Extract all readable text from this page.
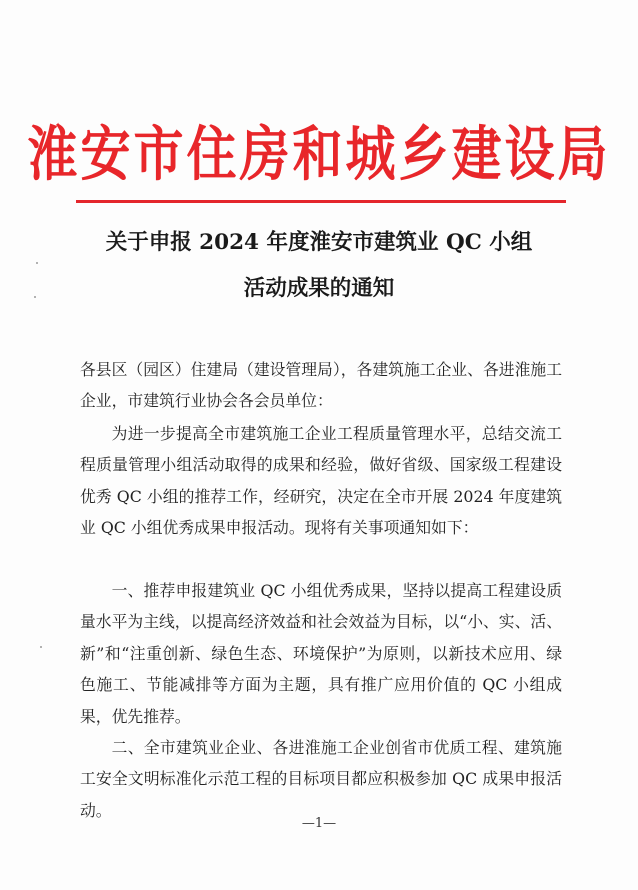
淮安市住房和城乡建设局
关于申报 2024 年度淮安市建筑业 QC 小组
活动成果的通知

各县区（园区）住建局（建设管理局），各建筑施工企业、各进淮施工企业，市建筑行业协会各会员单位：

为进一步提高全市建筑施工企业工程质量管理水平，总结交流工程质量管理小组活动取得的成果和经验，做好省级、国家级工程建设优秀 QC 小组的推荐工作，经研究，决定在全市开展 2024 年度建筑业 QC 小组优秀成果申报活动。现将有关事项通知如下：

一、推荐申报建筑业 QC 小组优秀成果，坚持以提高工程建设质量水平为主线，以提高经济效益和社会效益为目标，以“小、实、活、新”和“注重创新、绿色生态、环境保护”为原则，以新技术应用、绿色施工、节能减排等方面为主题，具有推广应用价值的 QC 小组成果，优先推荐。

二、全市建筑业企业、各进淮施工企业创省市优质工程、建筑施工安全文明标准化示范工程的目标项目都应积极参加 QC 成果申报活动。

—1—
